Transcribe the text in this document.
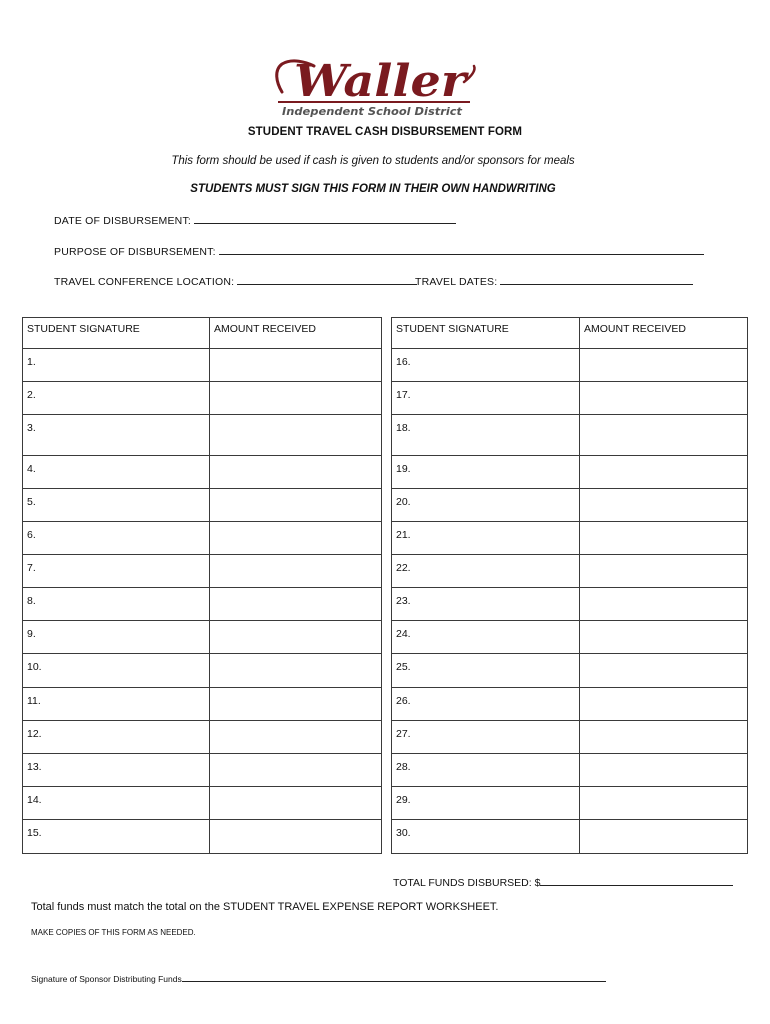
Waller
Independent School District
STUDENT TRAVEL CASH DISBURSEMENT FORM
This form should be used if cash is given to students and/or sponsors for meals
STUDENTS MUST SIGN THIS FORM IN THEIR OWN HANDWRITING
DATE OF DISBURSEMENT:
PURPOSE OF DISBURSEMENT:
TRAVEL CONFERENCE LOCATION:	TRAVEL DATES:
STUDENT SIGNATURE	AMOUNT RECEIVED		STUDENT SIGNATURE	AMOUNT RECEIVED
1.			16.	
2.			17.	
3.			18.	
4.			19.	
5.			20.	
6.			21.	
7.			22.	
8.			23.	
9.			24.	
10.			25.	
11.			26.	
12.			27.	
13.			28.	
14.			29.	
15.			30.	
TOTAL FUNDS DISBURSED: $
Total funds must match the total on the STUDENT TRAVEL EXPENSE REPORT WORKSHEET.
MAKE COPIES OF THIS FORM AS NEEDED.
Signature of Sponsor Distributing Funds
